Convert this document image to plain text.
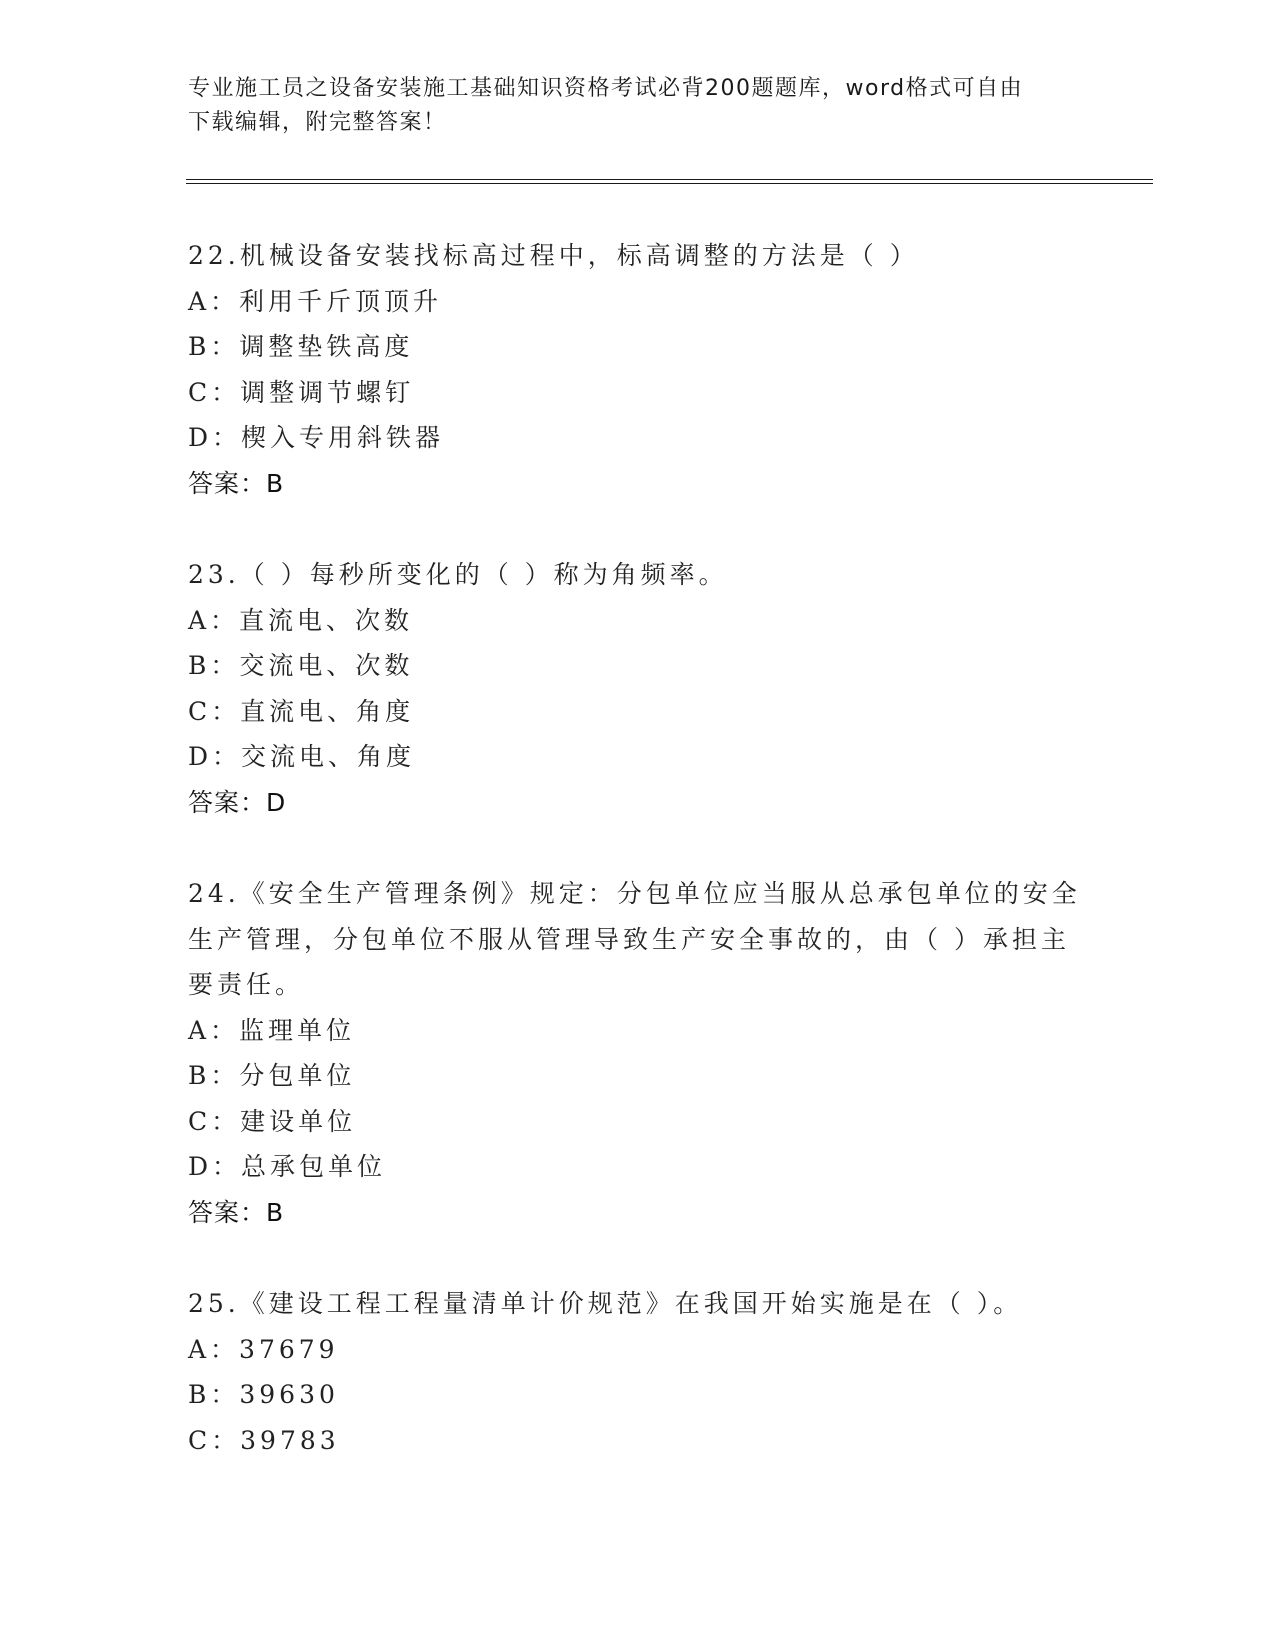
专业施工员之设备安装施工基础知识资格考试必背200题题库，word格式可自由
下载编辑，附完整答案！
22.机械设备安装找标高过程中，标高调整的方法是（ ）
A：利用千斤顶顶升
B：调整垫铁高度
C：调整调节螺钉
D：楔入专用斜铁器
答案：B
23.（ ）每秒所变化的（ ）称为角频率。
A：直流电、次数
B：交流电、次数
C：直流电、角度
D：交流电、角度
答案：D
24.《安全生产管理条例》规定：分包单位应当服从总承包单位的安全
生产管理，分包单位不服从管理导致生产安全事故的，由（ ）承担主
要责任。
A：监理单位
B：分包单位
C：建设单位
D：总承包单位
答案：B
25.《建设工程工程量清单计价规范》在我国开始实施是在（ ）。
A：37679
B：39630
C：39783
